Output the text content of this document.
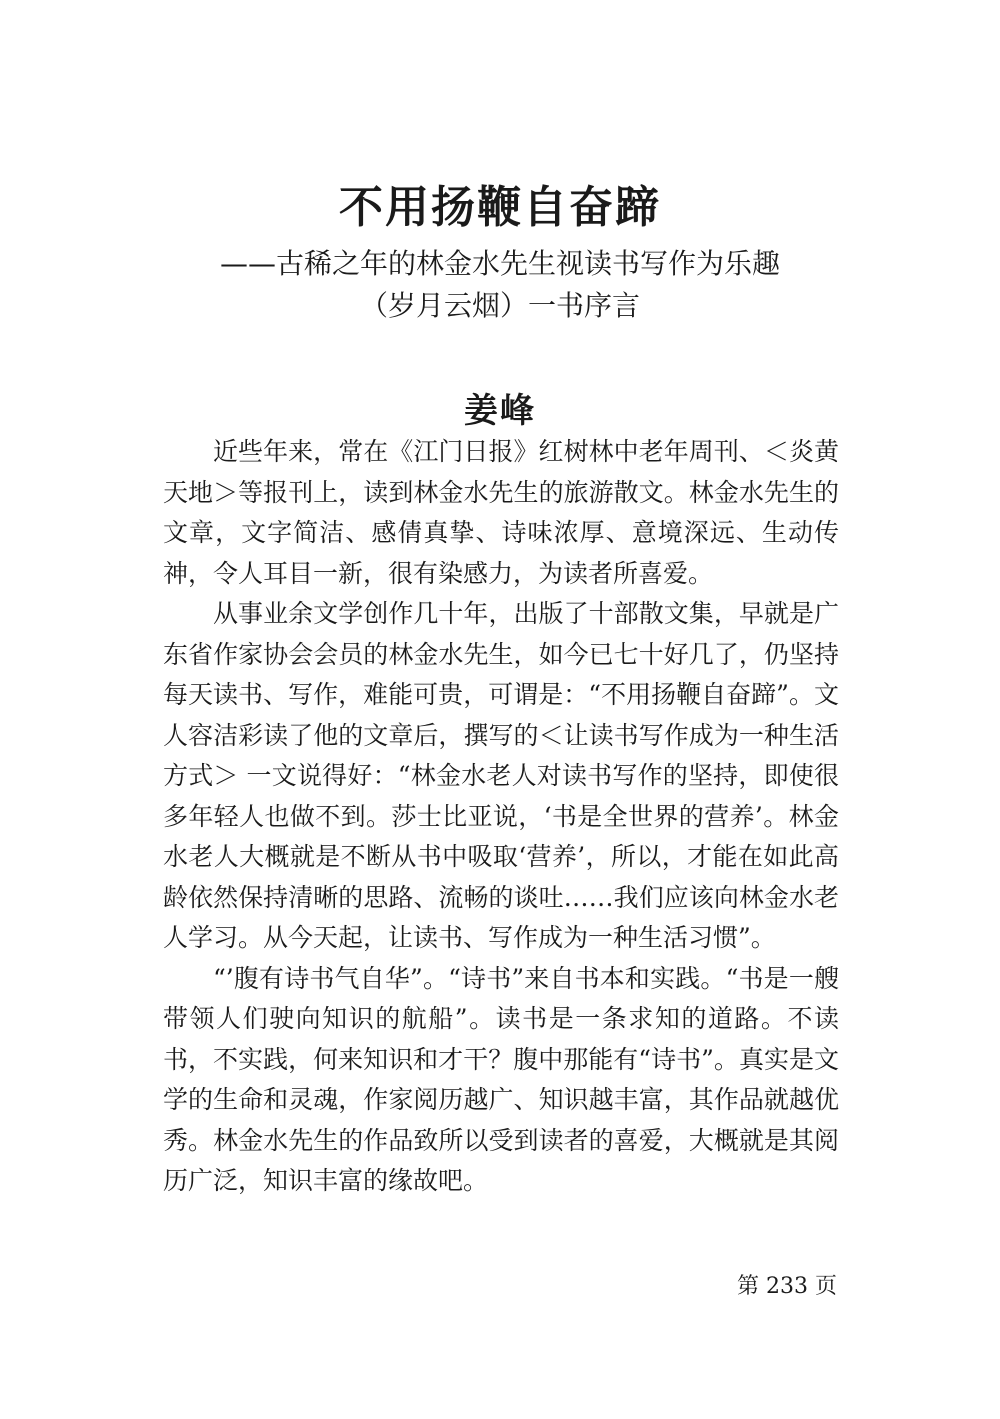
不用扬鞭自奋蹄
——古稀之年的林金水先生视读书写作为乐趣
（岁月云烟）一书序言
姜峰

近些年来，常在《江门日报》红树林中老年周刊、＜炎黄天地＞等报刊上，读到林金水先生的旅游散文。林金水先生的文章，文字简洁、感倩真挚、诗味浓厚、意境深远、生动传神，令人耳目一新，很有染感力，为读者所喜爱。

从事业余文学创作几十年，出版了十部散文集，早就是广东省作家协会会员的林金水先生，如今已七十好几了，仍坚持每天读书、写作，难能可贵，可谓是：“不用扬鞭自奋蹄”。文人容洁彩读了他的文章后，撰写的＜让读书写作成为一种生活方式＞ 一文说得好：“林金水老人对读书写作的坚持，即使很多年轻人也做不到。莎士比亚说，‘书是全世界的营养’。林金水老人大概就是不断从书中吸取‘营养’，所以，才能在如此高龄依然保持清晰的思路、流畅的谈吐……我们应该向林金水老人学习。从今天起，让读书、写作成为一种生活习惯”。

“’腹有诗书气自华”。“诗书”来自书本和实践。“书是一艘带领人们驶向知识的航船”。读书是一条求知的道路。不读书，不实践，何来知识和才干？腹中那能有“诗书”。真实是文学的生命和灵魂，作家阅历越广、知识越丰富，其作品就越优秀。林金水先生的作品致所以受到读者的喜爱，大概就是其阅历广泛，知识丰富的缘故吧。

第 233 页
